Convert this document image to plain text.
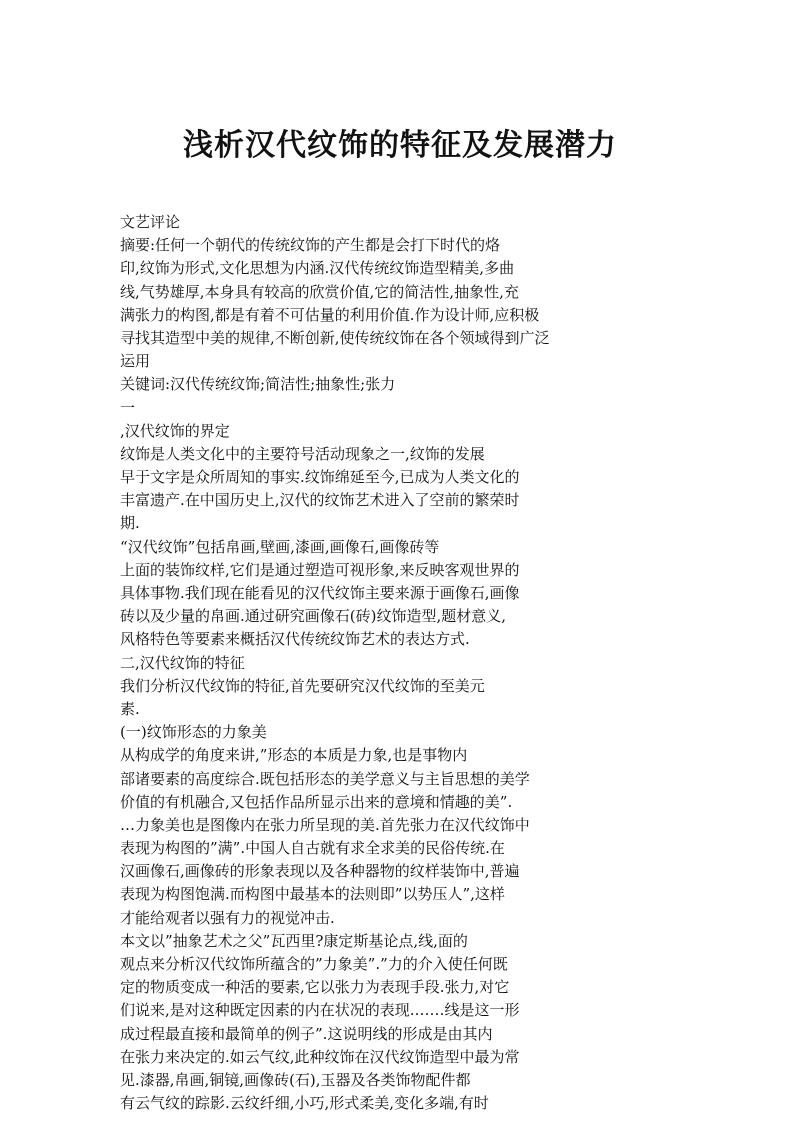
浅析汉代纹饰的特征及发展潜力
文艺评论
摘要:任何一个朝代的传统纹饰的产生都是会打下时代的烙
印,纹饰为形式,文化思想为内涵.汉代传统纹饰造型精美,多曲
线,气势雄厚,本身具有较高的欣赏价值,它的简洁性,抽象性,充
满张力的构图,都是有着不可估量的利用价值.作为设计师,应积极
寻找其造型中美的规律,不断创新,使传统纹饰在各个领域得到广泛
运用
关键词:汉代传统纹饰;简洁性;抽象性;张力
一
,汉代纹饰的界定
纹饰是人类文化中的主要符号活动现象之一,纹饰的发展
早于文字是众所周知的事实.纹饰绵延至今,已成为人类文化的
丰富遗产.在中国历史上,汉代的纹饰艺术进入了空前的繁荣时
期.
“汉代纹饰”包括帛画,壁画,漆画,画像石,画像砖等
上面的装饰纹样,它们是通过塑造可视形象,来反映客观世界的
具体事物.我们现在能看见的汉代纹饰主要来源于画像石,画像
砖以及少量的帛画.通过研究画像石(砖)纹饰造型,题材意义,
风格特色等要素来概括汉代传统纹饰艺术的表达方式.
二,汉代纹饰的特征
我们分析汉代纹饰的特征,首先要研究汉代纹饰的至美元
素.
(一)纹饰形态的力象美
从构成学的角度来讲,”形态的本质是力象,也是事物内
部诸要素的高度综合.既包括形态的美学意义与主旨思想的美学
价值的有机融合,又包括作品所显示出来的意境和情趣的美”.
…力象美也是图像内在张力所呈现的美.首先张力在汉代纹饰中
表现为构图的”满”.中国人自古就有求全求美的民俗传统.在
汉画像石,画像砖的形象表现以及各种器物的纹样装饰中,普遍
表现为构图饱满.而构图中最基本的法则即”以势压人”,这样
才能给观者以强有力的视觉冲击.
本文以”抽象艺术之父”瓦西里?康定斯基论点,线,面的
观点来分析汉代纹饰所蕴含的”力象美”.”力的介入使任何既
定的物质变成一种活的要素,它以张力为表现手段.张力,对它
们说来,是对这种既定因素的内在状况的表现.……线是这一形
成过程最直接和最简单的例子”.这说明线的形成是由其内
在张力来决定的.如云气纹,此种纹饰在汉代纹饰造型中最为常
见.漆器,帛画,铜镜,画像砖(石),玉器及各类饰物配件都
有云气纹的踪影.云纹纤细,小巧,形式柔美,变化多端,有时
